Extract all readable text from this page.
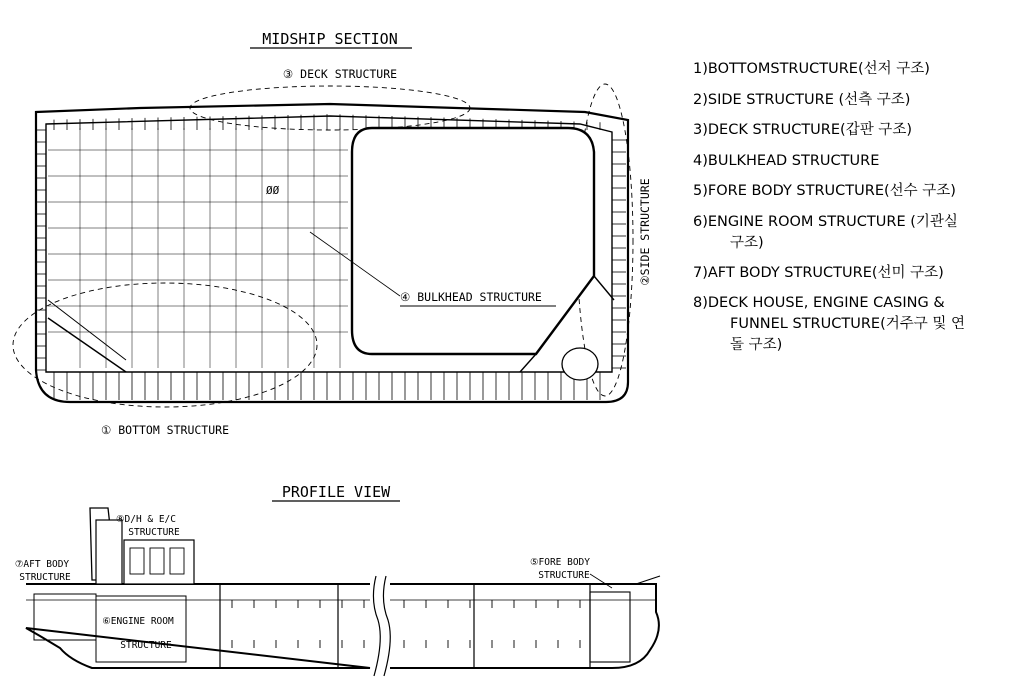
MIDSHIP SECTION
③ DECK STRUCTURE
ØØ
④ BULKHEAD STRUCTURE
②SIDE STRUCTURE
① BOTTOM STRUCTURE
PROFILE VIEW
⑧D/H & E/C
STRUCTURE
⑦AFT BODY
STRUCTURE
⑥ENGINE ROOM
STRUCTURE
⑤FORE BODY
STRUCTURE
1)BOTTOMSTRUCTURE(선저 구조)
2)SIDE STRUCTURE (선측 구조)
3)DECK STRUCTURE(갑판 구조)
4)BULKHEAD STRUCTURE
5)FORE BODY STRUCTURE(선수 구조)
6)ENGINE ROOM STRUCTURE (기관실
구조)
7)AFT BODY STRUCTURE(선미 구조)
8)DECK HOUSE, ENGINE CASING &
FUNNEL STRUCTURE(거주구 및 연
돌 구조)
